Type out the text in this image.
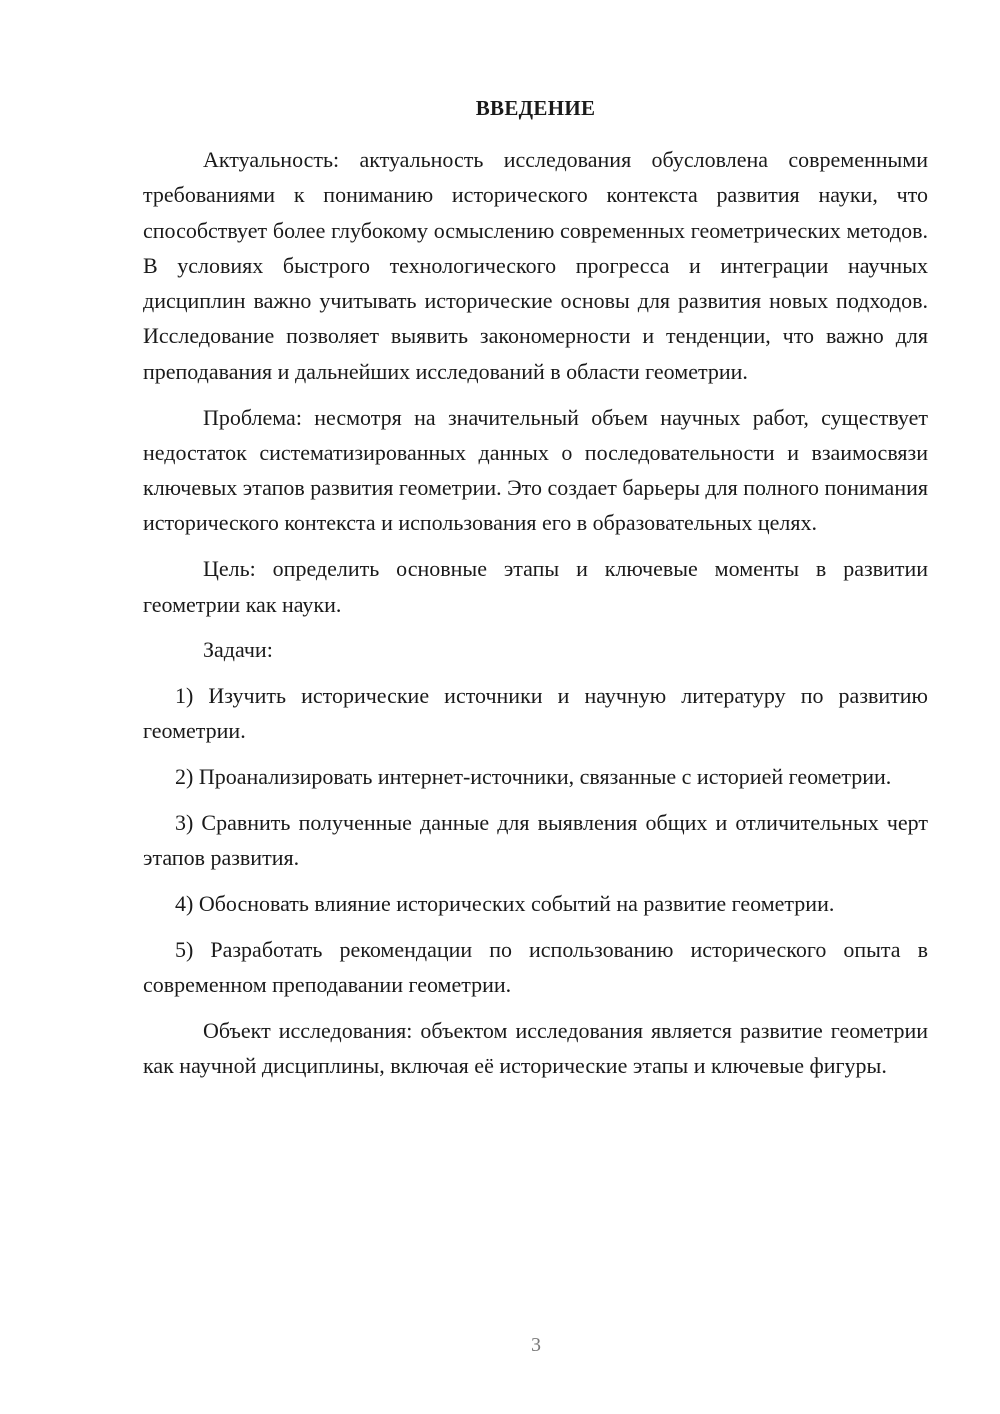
ВВЕДЕНИЕ

Актуальность: актуальность исследования обусловлена современными требованиями к пониманию исторического контекста развития науки, что способствует более глубокому осмыслению современных геометрических методов. В условиях быстрого технологического прогресса и интеграции научных дисциплин важно учитывать исторические основы для развития новых подходов. Исследование позволяет выявить закономерности и тенденции, что важно для преподавания и дальнейших исследований в области геометрии.

Проблема: несмотря на значительный объем научных работ, существует недостаток систематизированных данных о последовательности и взаимосвязи ключевых этапов развития геометрии. Это создает барьеры для полного понимания исторического контекста и использования его в образовательных целях.

Цель: определить основные этапы и ключевые моменты в развитии геометрии как науки.

Задачи:

1) Изучить исторические источники и научную литературу по развитию геометрии.

2) Проанализировать интернет-источники, связанные с историей геометрии.

3) Сравнить полученные данные для выявления общих и отличительных черт этапов развития.

4) Обосновать влияние исторических событий на развитие геометрии.

5) Разработать рекомендации по использованию исторического опыта в современном преподавании геометрии.

Объект исследования: объектом исследования является развитие геометрии как научной дисциплины, включая её исторические этапы и ключевые фигуры.

3
